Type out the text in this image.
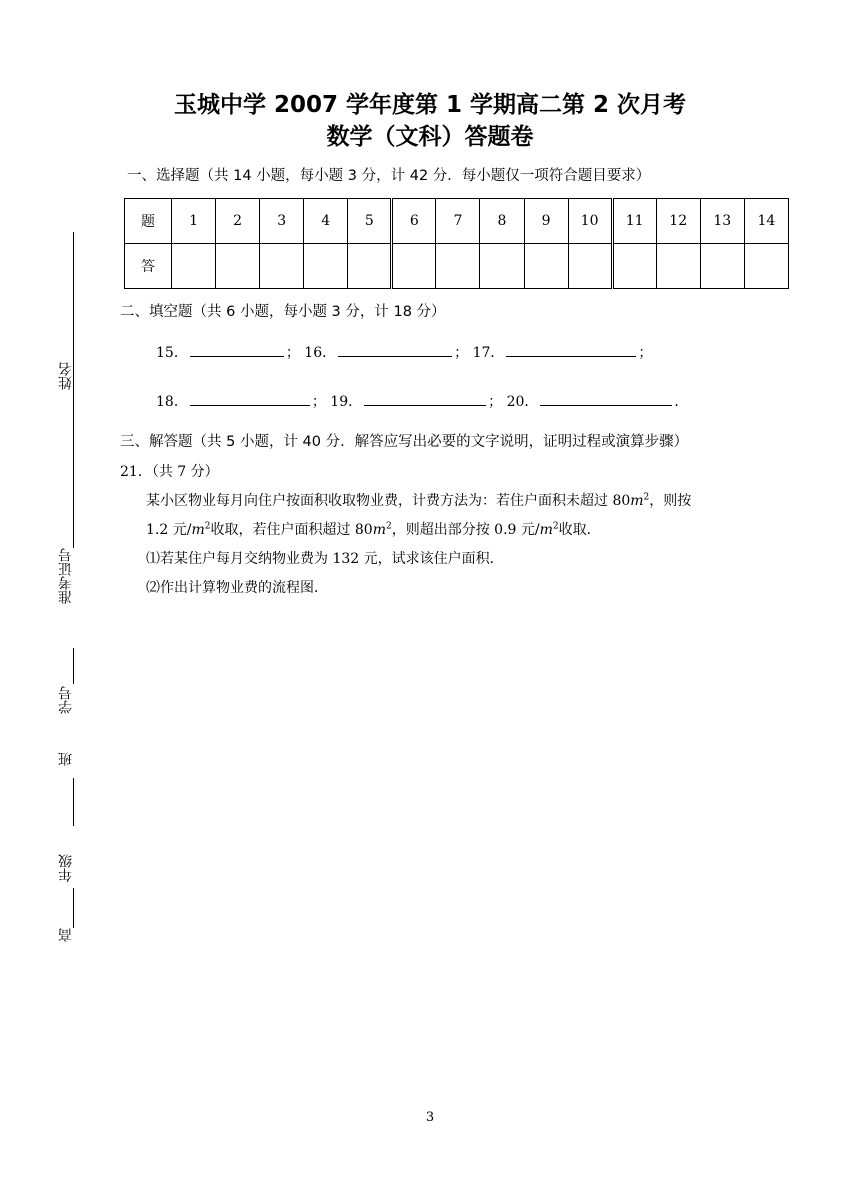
玉城中学 2007 学年度第 1 学期高二第 2 次月考
数学（文科）答题卷
一、选择题（共 14 小题，每小题 3 分，计 42 分．每小题仅一项符合题目要求）
题	1	2	3	4	5	6	7	8	9	10	11	12	13	14
答														
二、填空题（共 6 小题，每小题 3 分，计 18 分）
15．	； 16．	； 17．	；
18．	； 19．	； 20．	．
三、解答题（共 5 小题，计 40 分．解答应写出必要的文字说明，证明过程或演算步骤）
21．（共 7 分）
某小区物业每月向住户按面积收取物业费，计费方法为：若住户面积未超过 $80m^2$，则按
1.2 元$/m^2$收取，若住户面积超过 $80m^2$，则超出部分按 0.9 元$/m^2$收取．
⑴若某住户每月交纳物业费为 132 元，试求该住户面积．
⑵作出计算物业费的流程图．
姓名
准考证号
学号
班
年级
高
3
